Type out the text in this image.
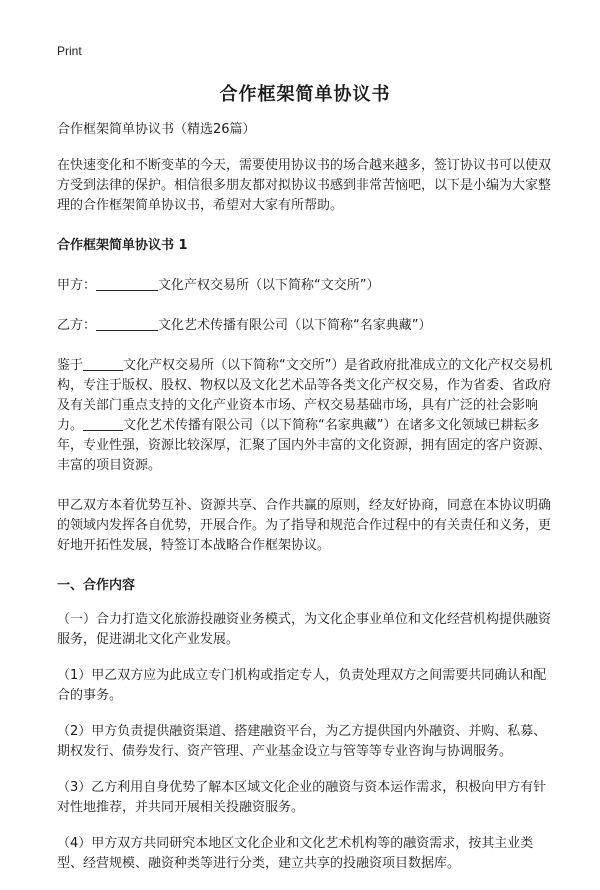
Print
合作框架简单协议书

合作框架简单协议书（精选26篇）

在快速变化和不断变革的今天，需要使用协议书的场合越来越多，签订协议书可以使双方受到法律的保护。相信很多朋友都对拟协议书感到非常苦恼吧，以下是小编为大家整理的合作框架简单协议书，希望对大家有所帮助。

合作框架简单协议书 1

甲方：	文化产权交易所（以下简称“文交所”）

乙方：	文化艺术传播有限公司（以下简称“名家典藏”）

鉴于	文化产权交易所（以下简称“文交所”）是省政府批准成立的文化产权交易机构，专注于版权、股权、物权以及文化艺术品等各类文化产权交易，作为省委、省政府及有关部门重点支持的文化产业资本市场、产权交易基础市场，具有广泛的社会影响力。	文化艺术传播有限公司（以下简称“名家典藏”）在诸多文化领域已耕耘多年，专业性强，资源比较深厚，汇聚了国内外丰富的文化资源，拥有固定的客户资源、丰富的项目资源。

甲乙双方本着优势互补、资源共享、合作共赢的原则，经友好协商，同意在本协议明确的领域内发挥各自优势，开展合作。为了指导和规范合作过程中的有关责任和义务，更好地开拓性发展，特签订本战略合作框架协议。

一、合作内容

（一）合力打造文化旅游投融资业务模式，为文化企事业单位和文化经营机构提供融资服务，促进湖北文化产业发展。

（1）甲乙双方应为此成立专门机构或指定专人，负责处理双方之间需要共同确认和配合的事务。

（2）甲方负责提供融资渠道、搭建融资平台，为乙方提供国内外融资、并购、私募、期权发行、债券发行、资产管理、产业基金设立与管等等专业咨询与协调服务。

（3）乙方利用自身优势了解本区域文化企业的融资与资本运作需求，积极向甲方有针对性地推荐，并共同开展相关投融资服务。

（4）甲方双方共同研究本地区文化企业和文化艺术机构等的融资需求，按其主业类型、经营规模、融资种类等进行分类，建立共享的投融资项目数据库。
